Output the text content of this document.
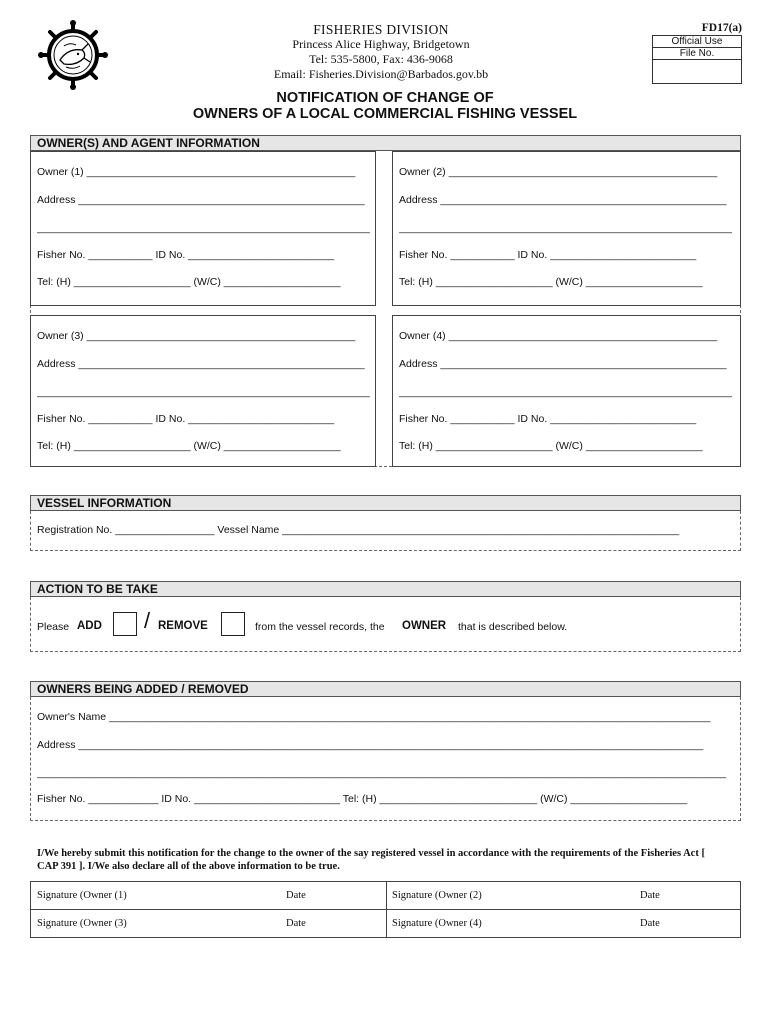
FISHERIES DIVISION
Princess Alice Highway, Bridgetown
Tel: 535-5800, Fax: 436-9068
Email: Fisheries.Division@Barbados.gov.bb
FD17(a)
Official Use
File No.
NOTIFICATION OF CHANGE OF
OWNERS OF A LOCAL COMMERCIAL FISHING VESSEL
OWNER(S) AND AGENT INFORMATION
Owner (1) ______________________________________________
Address _________________________________________________
_________________________________________________________
Fisher No. ___________ ID No. _________________________
Tel: (H) ____________________ (W/C) ____________________
Owner (2) ______________________________________________
Address _________________________________________________
_________________________________________________________
Fisher No. ___________ ID No. _________________________
Tel: (H) ____________________ (W/C) ____________________
Owner (3) ______________________________________________
Address _________________________________________________
_________________________________________________________
Fisher No. ___________ ID No. _________________________
Tel: (H) ____________________ (W/C) ____________________
Owner (4) ______________________________________________
Address _________________________________________________
_________________________________________________________
Fisher No. ___________ ID No. _________________________
Tel: (H) ____________________ (W/C) ____________________
VESSEL INFORMATION
Registration No. _________________ Vessel Name ____________________________________________________________________
ACTION TO BE TAKE
Please ADD / REMOVE	from the vessel records, the OWNER that is described below.
OWNERS BEING ADDED / REMOVED
Owner's Name _______________________________________________________________________________________________________
Address ___________________________________________________________________________________________________________
______________________________________________________________________________________________________________________
Fisher No. ____________ ID No. _________________________ Tel: (H) ___________________________ (W/C) ____________________
I/We hereby submit this notification for the change to the owner of the say registered vessel in accordance with the requirements of the Fisheries Act [ CAP 391 ]. I/We also declare all of the above information to be true.
Signature (Owner (1)	Date	Signature (Owner (2)	Date
Signature (Owner (3)	Date	Signature (Owner (4)	Date
